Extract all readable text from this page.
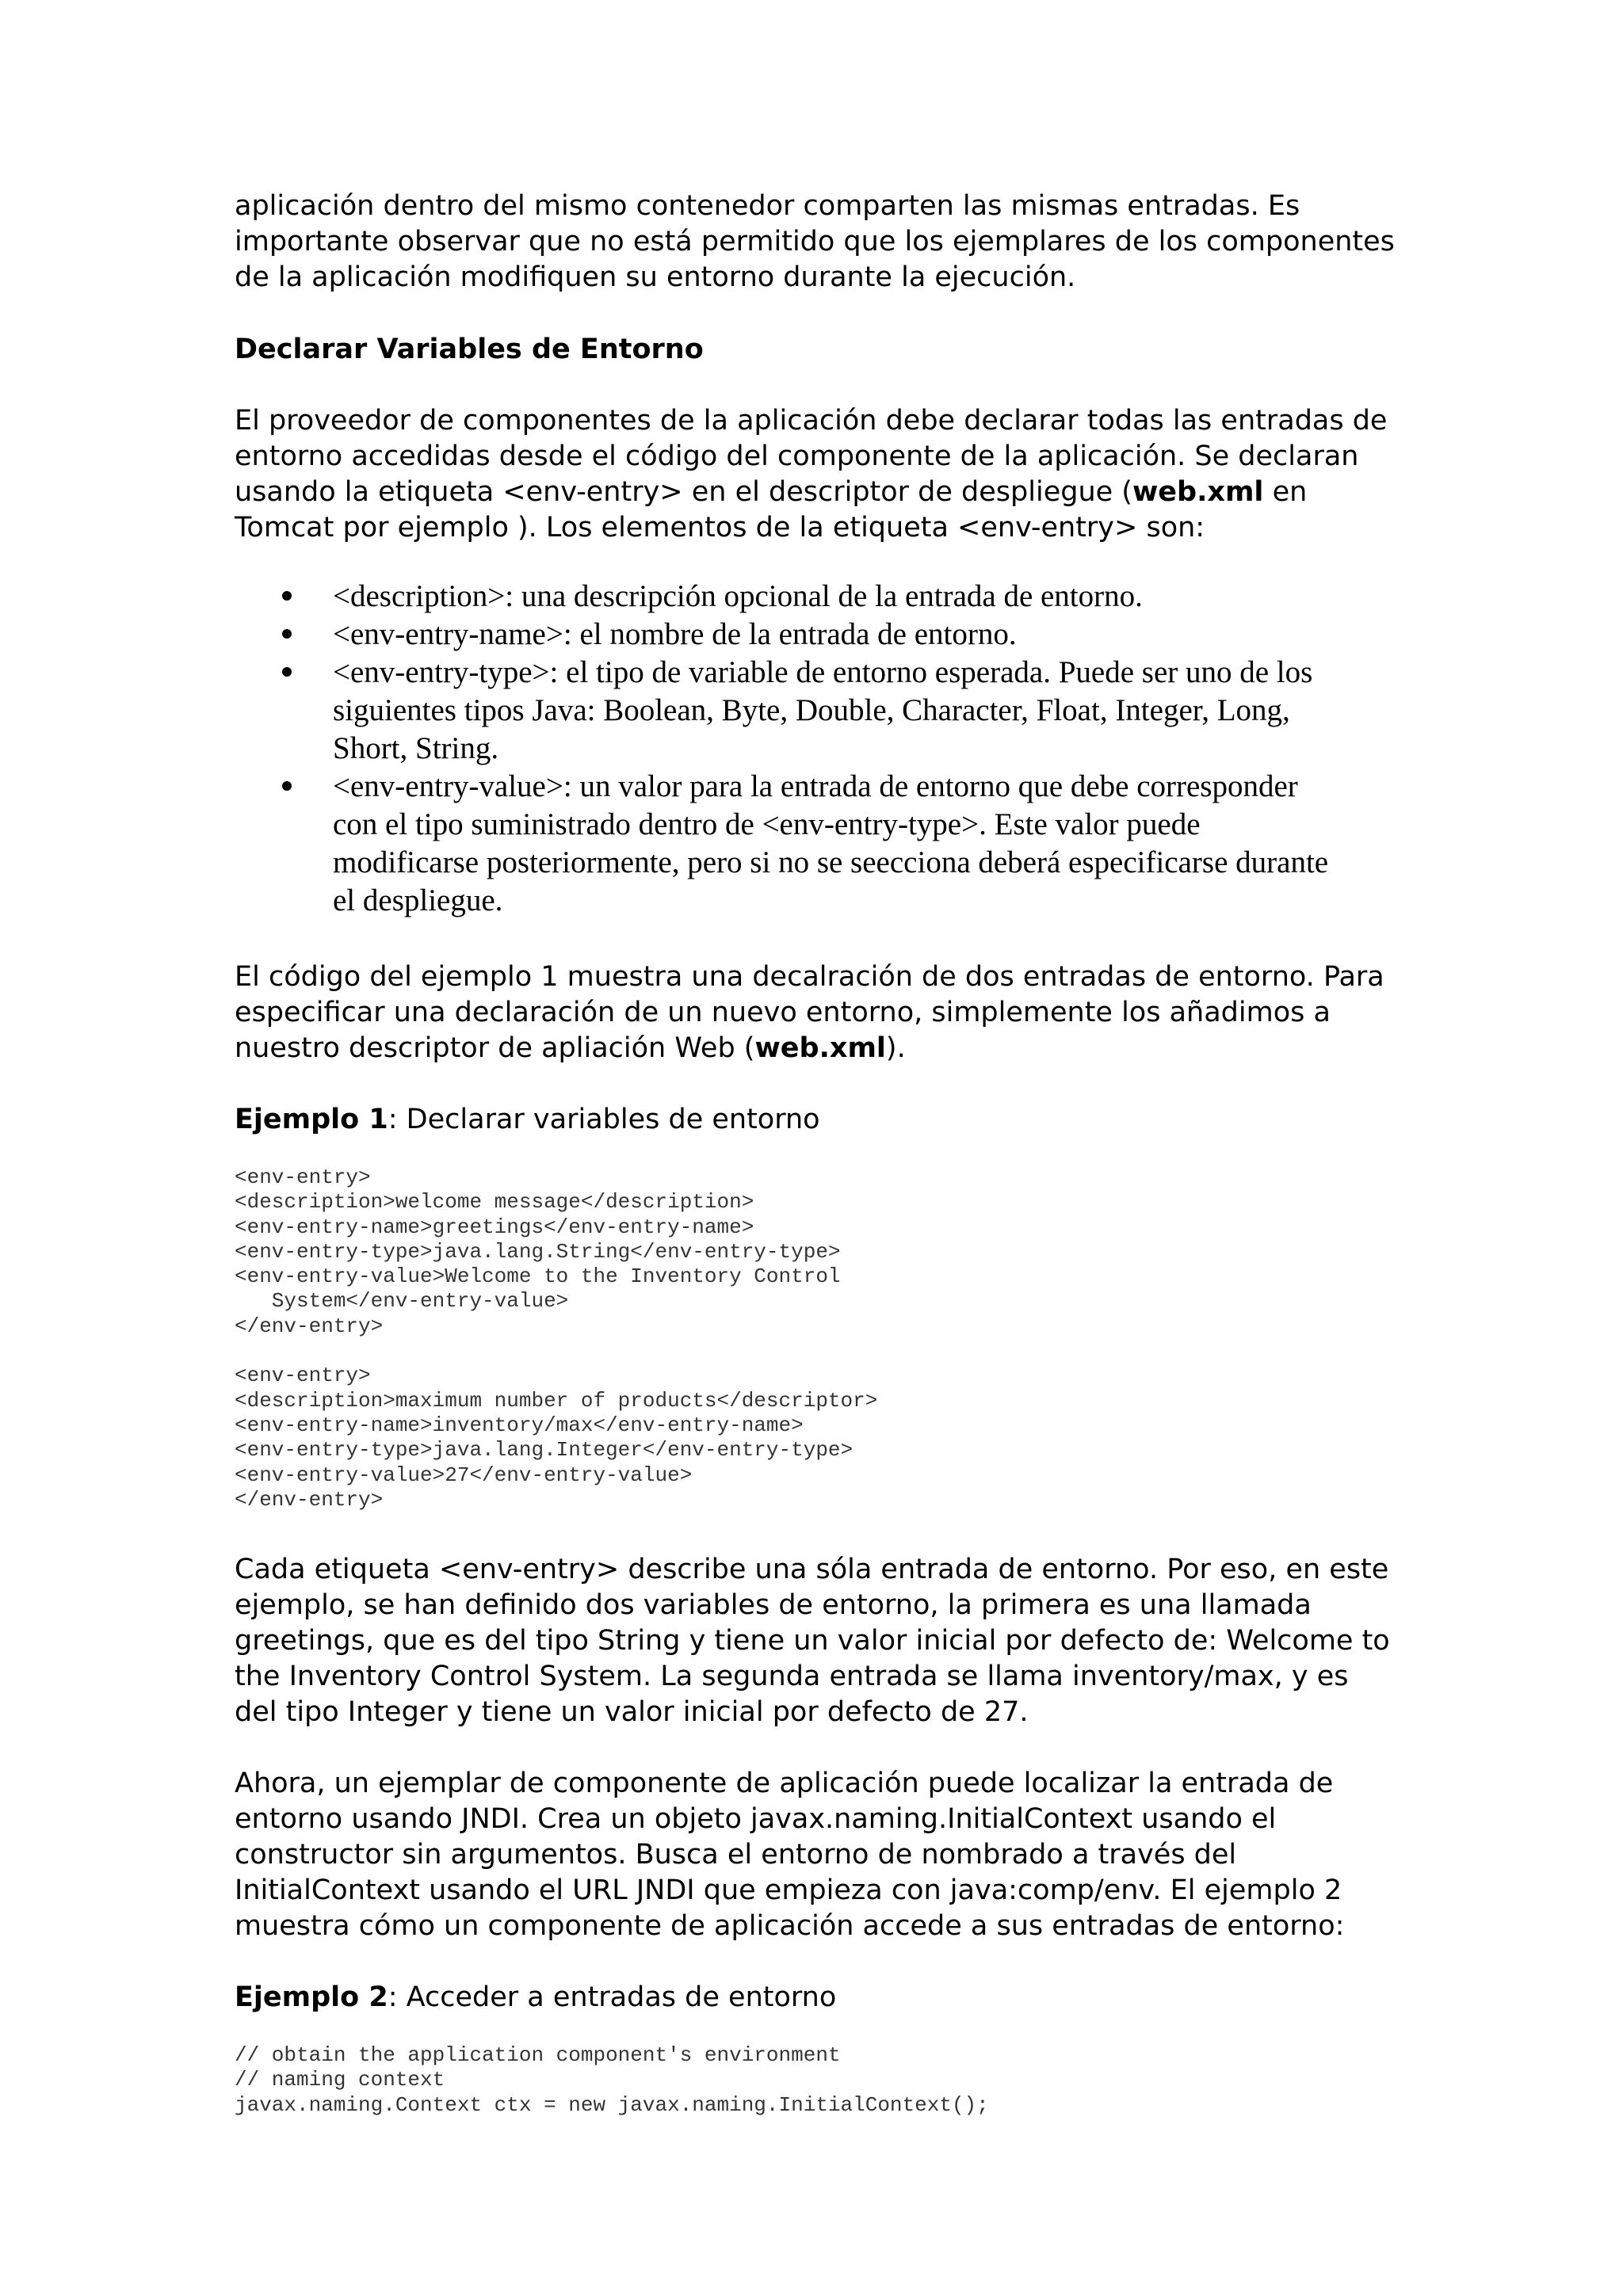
aplicación dentro del mismo contenedor comparten las mismas entradas. Es

importante observar que no está permitido que los ejemplares de los componentes

de la aplicación modifiquen su entorno durante la ejecución.

Declarar Variables de Entorno

El proveedor de componentes de la aplicación debe declarar todas las entradas de

entorno accedidas desde el código del componente de la aplicación. Se declaran

usando la etiqueta <env-entry> en el descriptor de despliegue (web.xml en

Tomcat por ejemplo ). Los elementos de la etiqueta <env-entry> son:

<description>: una descripción opcional de la entrada de entorno.
<env-entry-name>: el nombre de la entrada de entorno.
<env-entry-type>: el tipo de variable de entorno esperada. Puede ser uno de los
siguientes tipos Java: Boolean, Byte, Double, Character, Float, Integer, Long,
Short, String.
<env-entry-value>: un valor para la entrada de entorno que debe corresponder
con el tipo suministrado dentro de <env-entry-type>. Este valor puede
modificarse posteriormente, pero si no se seecciona deberá especificarse durante
el despliegue.

El código del ejemplo 1 muestra una decalración de dos entradas de entorno. Para

especificar una declaración de un nuevo entorno, simplemente los añadimos a

nuestro descriptor de apliación Web (web.xml).

Ejemplo 1: Declarar variables de entorno

<env-entry>
<description>welcome message</description>
<env-entry-name>greetings</env-entry-name>
<env-entry-type>java.lang.String</env-entry-type>
<env-entry-value>Welcome to the Inventory Control
System</env-entry-value>
</env-entry>

<env-entry>
<description>maximum number of products</descriptor>
<env-entry-name>inventory/max</env-entry-name>
<env-entry-type>java.lang.Integer</env-entry-type>
<env-entry-value>27</env-entry-value>
</env-entry>

Cada etiqueta <env-entry> describe una sóla entrada de entorno. Por eso, en este

ejemplo, se han definido dos variables de entorno, la primera es una llamada

greetings, que es del tipo String y tiene un valor inicial por defecto de: Welcome to

the Inventory Control System. La segunda entrada se llama inventory/max, y es

del tipo Integer y tiene un valor inicial por defecto de 27.

Ahora, un ejemplar de componente de aplicación puede localizar la entrada de

entorno usando JNDI. Crea un objeto javax.naming.InitialContext usando el

constructor sin argumentos. Busca el entorno de nombrado a través del

InitialContext usando el URL JNDI que empieza con java:comp/env. El ejemplo 2

muestra cómo un componente de aplicación accede a sus entradas de entorno:

Ejemplo 2: Acceder a entradas de entorno

// obtain the application component's environment
// naming context
javax.naming.Context ctx = new javax.naming.InitialContext();
